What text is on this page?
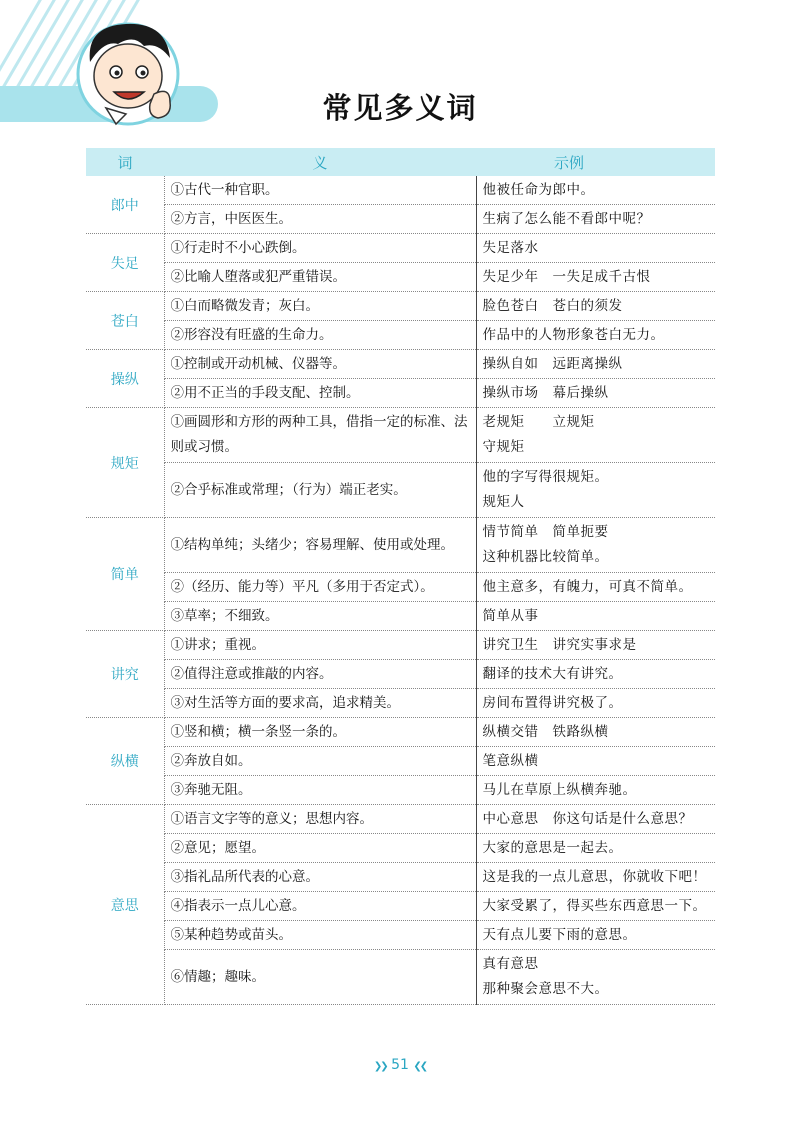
常见多义词
词	义	示例
郎中	①古代一种官职。	他被任命为郎中。

	②方言，中医医生。	生病了怎么能不看郎中呢？

失足	①行走时不小心跌倒。	失足落水

	②比喻人堕落或犯严重错误。	失足少年　一失足成千古恨

苍白	①白而略微发青；灰白。	脸色苍白　苍白的须发

	②形容没有旺盛的生命力。	作品中的人物形象苍白无力。

操纵	①控制或开动机械、仪器等。	操纵自如　远距离操纵

	②用不正当的手段支配、控制。	操纵市场　幕后操纵

规矩	①画圆形和方形的两种工具，借指一定的标准、法则或习惯。	老规矩　　立规矩
守规矩

	②合乎标准或常理；（行为）端正老实。	他的字写得很规矩。
规矩人

简单	①结构单纯；头绪少；容易理解、使用或处理。	情节简单　简单扼要
这种机器比较简单。

	②（经历、能力等）平凡（多用于否定式）。	他主意多，有魄力，可真不简单。

	③草率；不细致。	简单从事

讲究	①讲求；重视。	讲究卫生　讲究实事求是

	②值得注意或推敲的内容。	翻译的技术大有讲究。

	③对生活等方面的要求高，追求精美。	房间布置得讲究极了。

纵横	①竖和横；横一条竖一条的。	纵横交错　铁路纵横

	②奔放自如。	笔意纵横

	③奔驰无阻。	马儿在草原上纵横奔驰。

意思	①语言文字等的意义；思想内容。	中心意思　你这句话是什么意思？

	②意见；愿望。	大家的意思是一起去。

	③指礼品所代表的心意。	这是我的一点儿意思，你就收下吧！

	④指表示一点儿心意。	大家受累了，得买些东西意思一下。

	⑤某种趋势或苗头。	天有点儿要下雨的意思。

	⑥情趣；趣味。	真有意思
那种聚会意思不大。
❯❯ 51 ❮❮
